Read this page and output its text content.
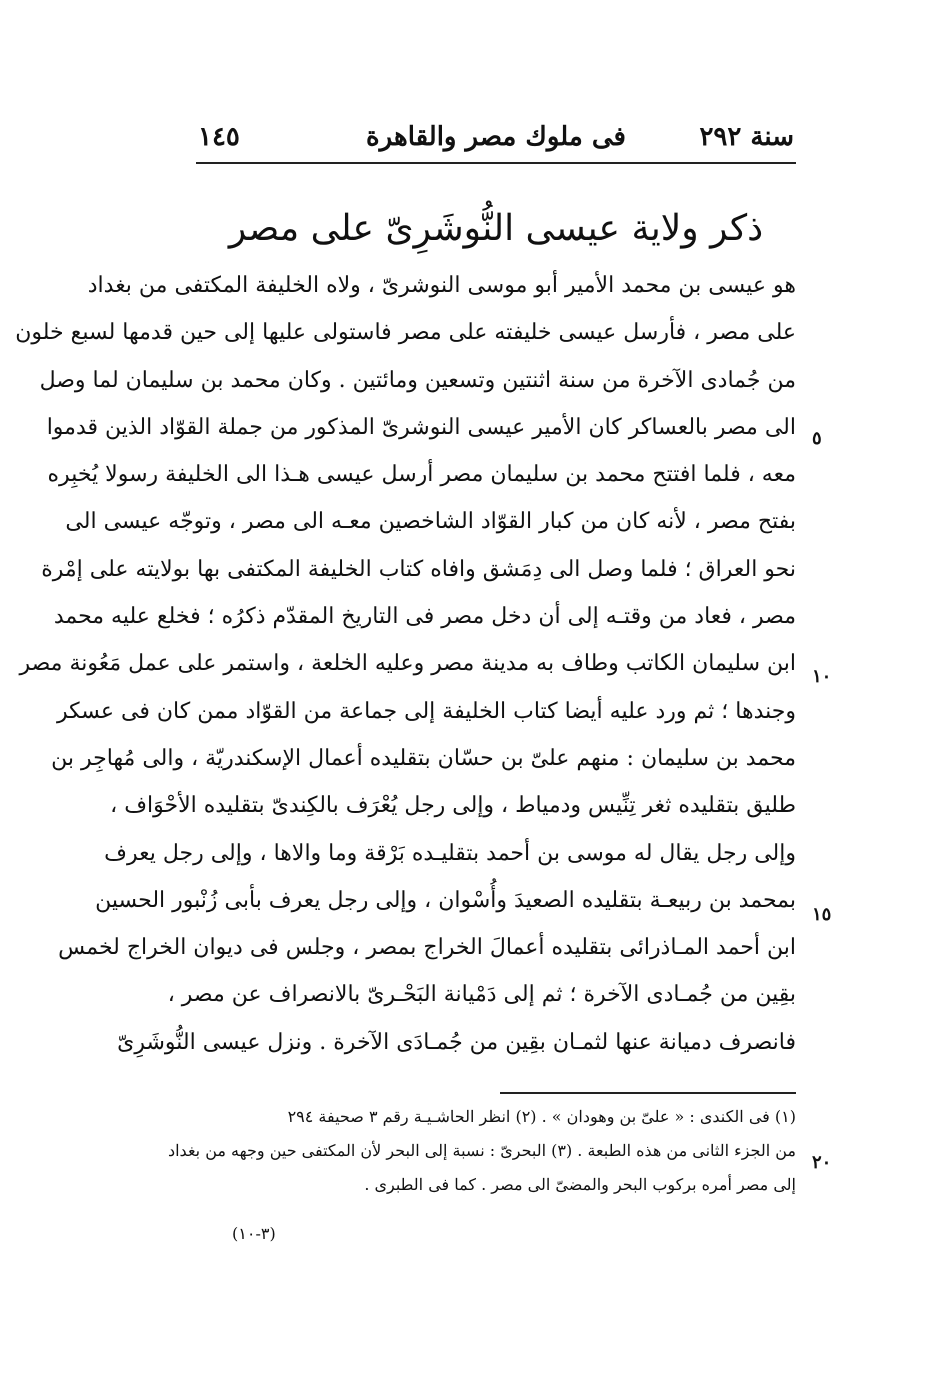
١٤٥	فى ملوك مصر والقاهرة	سنة ٢٩٢
ذكر ولاية عيسى النُّوشَرِىّ على مصر
هو عيسى بن محمد الأمير أبو موسى النوشرىّ ، ولاه الخليفة المكتفى من بغداد
على مصر ، فأرسل عيسى خليفته على مصر فاستولى عليها إلى حين قدمها لسبع خلون
من جُمادى الآخرة من سنة اثنتين وتسعين ومائتين . وكان محمد بن سليمان لما وصل
الى مصر بالعساكر كان الأمير عيسى النوشرىّ المذكور من جملة القوّاد الذين قدموا
معه ، فلما افتتح محمد بن سليمان مصر أرسل عيسى هـذا الى الخليفة رسولا يُخبِره
بفتح مصر ، لأنه كان من كبار القوّاد الشاخصين معـه الى مصر ، وتوجّه عيسى الى
نحو العراق ؛ فلما وصل الى دِمَشق وافاه كتاب الخليفة المكتفى بها بولايته على إمْرة
مصر ، فعاد من وقتـه إلى أن دخل مصر فى التاريخ المقدّم ذكرُه ؛ فخلع عليه محمد
ابن سليمان الكاتب وطاف به مدينة مصر وعليه الخلعة ، واستمر على عمل مَعُونة مصر
وجندها ؛ ثم ورد عليه أيضا كتاب الخليفة إلى جماعة من القوّاد ممن كان فى عسكر
محمد بن سليمان : منهم علىّ بن حسّان بتقليده أعمال الإسكندريّة ، والى مُهاجِر بن
طليق بتقليده ثغر تِنِّيس ودمياط ، وإلى رجل يُعْرَف بالكِندىّ بتقليده الأحْوَاف ،
وإلى رجل يقال له موسى بن أحمد بتقليـده بَرْقة وما والاها ، وإلى رجل يعرف
بمحمد بن ربيعـة بتقليده الصعيدَ وأُسْوان ، وإلى رجل يعرف بأبى زُنْبور الحسين
ابن أحمد المـاذرائى بتقليده أعمالَ الخراج بمصر ، وجلس فى ديوان الخراج لخمس
بقِين من جُمـادى الآخرة ؛ ثم إلى دَمْيانة البَحْـرىّ بالانصراف عن مصر ،
فانصرف دميانة عنها لثمـان بقِين من جُمـادَى الآخرة . ونزل عيسى النُّوشَرِىّ
٥
١٠
١٥
٢٠
(١) فى الكندى : « علىّ بن وهودان » . (٢) انظر الحاشـيـة رقم ٣ صحيفة ٢٩٤
من الجزء الثانى من هذه الطبعة . (٣) البحرىّ : نسبة إلى البحر لأن المكتفى حين وجهه من بغداد
إلى مصر أمره بركوب البحر والمضىّ الى مصر . كما فى الطبرى .
(٣-١٠)
